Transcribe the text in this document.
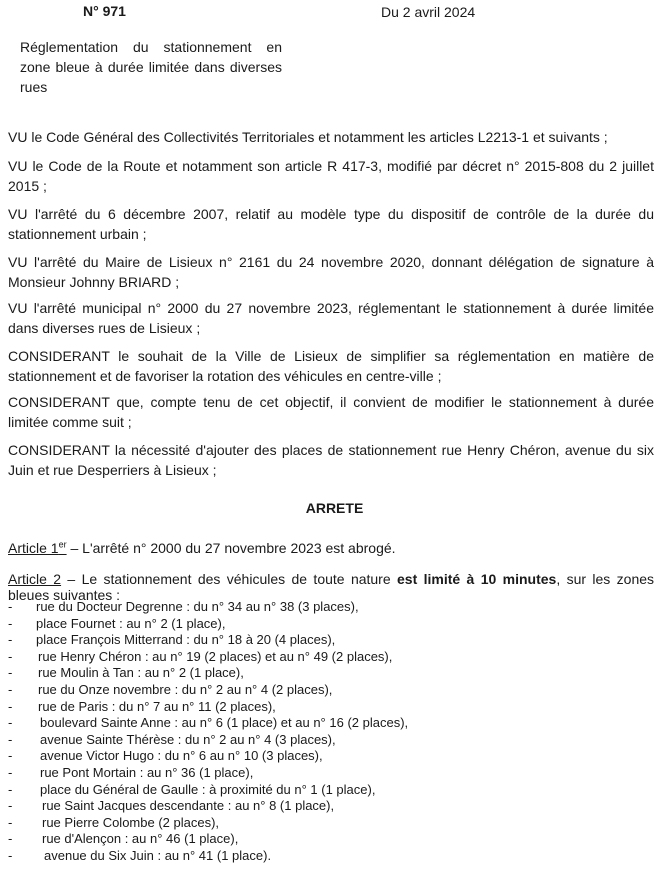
N° 971	Du 2 avril 2024
Réglementation du stationnement en zone bleue à durée limitée dans diverses rues
VU le Code Général des Collectivités Territoriales et notamment les articles L2213-1 et suivants ;
VU le Code de la Route et notamment son article R 417-3, modifié par décret n° 2015-808 du 2 juillet 2015 ;
VU l'arrêté du 6 décembre 2007, relatif au modèle type du dispositif de contrôle de la durée du stationnement urbain ;
VU l'arrêté du Maire de Lisieux n° 2161 du 24 novembre 2020, donnant délégation de signature à Monsieur Johnny BRIARD ;
VU l'arrêté municipal n° 2000 du 27 novembre 2023, réglementant le stationnement à durée limitée dans diverses rues de Lisieux ;
CONSIDERANT le souhait de la Ville de Lisieux de simplifier sa réglementation en matière de stationnement et de favoriser la rotation des véhicules en centre-ville ;
CONSIDERANT que, compte tenu de cet objectif, il convient de modifier le stationnement à durée limitée comme suit ;
CONSIDERANT la nécessité d'ajouter des places de stationnement rue Henry Chéron, avenue du six Juin et rue Desperriers à Lisieux ;
ARRETE
Article 1er – L'arrêté n° 2000 du 27 novembre 2023 est abrogé.
Article 2 – Le stationnement des véhicules de toute nature est limité à 10 minutes, sur les zones bleues suivantes :
- rue du Docteur Degrenne : du n° 34 au n° 38 (3 places),
- place Fournet : au n° 2 (1 place),
- place François Mitterrand : du n° 18 à 20 (4 places),
- rue Henry Chéron : au n° 19 (2 places) et au n° 49 (2 places),
- rue Moulin à Tan : au n° 2 (1 place),
- rue du Onze novembre : du n° 2 au n° 4 (2 places),
- rue de Paris : du n° 7 au n° 11 (2 places),
- boulevard Sainte Anne : au n° 6 (1 place) et au n° 16 (2 places),
- avenue Sainte Thérèse : du n° 2 au n° 4 (3 places),
- avenue Victor Hugo : du n° 6 au n° 10 (3 places),
- rue Pont Mortain : au n° 36 (1 place),
- place du Général de Gaulle : à proximité du n° 1 (1 place),
- rue Saint Jacques descendante : au n° 8 (1 place),
- rue Pierre Colombe (2 places),
- rue d'Alençon : au n° 46 (1 place),
- avenue du Six Juin : au n° 41 (1 place).
